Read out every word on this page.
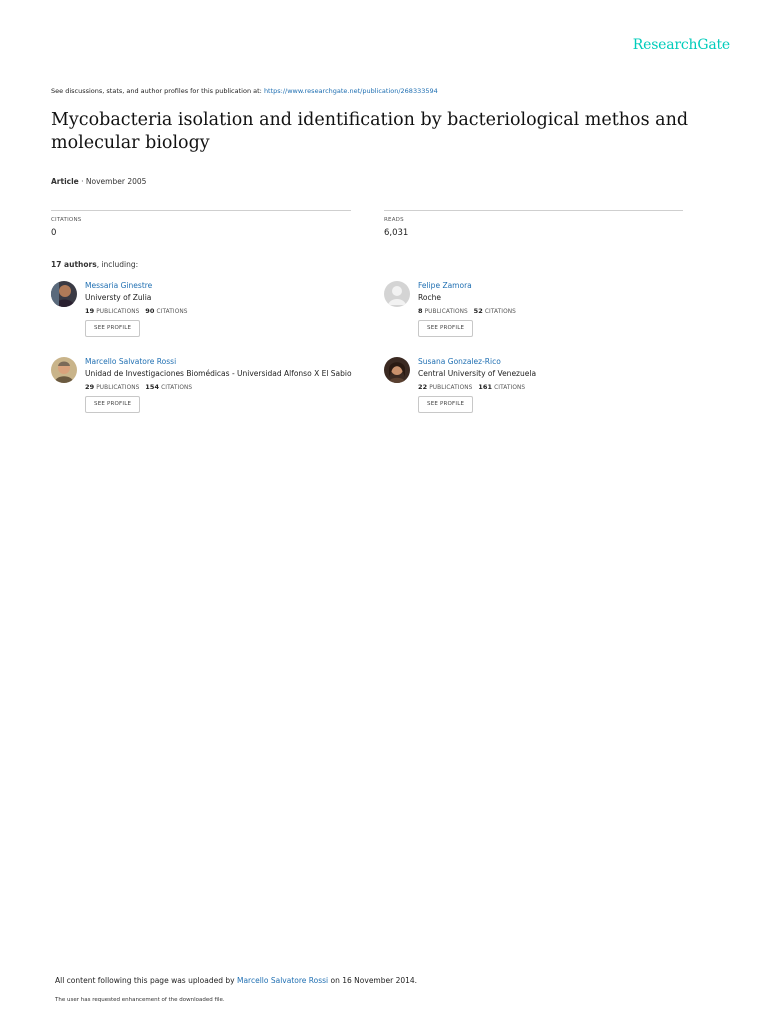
ResearchGate
See discussions, stats, and author profiles for this publication at: https://www.researchgate.net/publication/268333594
Mycobacteria isolation and identification by bacteriological methos and molecular biology
Article · November 2005
CITATIONS
0
READS
6,031
17 authors, including:
Messaria Ginestre
Universty of Zulia
19 PUBLICATIONS 90 CITATIONS
SEE PROFILE
Felipe Zamora
Roche
8 PUBLICATIONS 52 CITATIONS
SEE PROFILE
Marcello Salvatore Rossi
Unidad de Investigaciones Biomédicas - Universidad Alfonso X El Sabio
29 PUBLICATIONS 154 CITATIONS
SEE PROFILE
Susana Gonzalez-Rico
Central University of Venezuela
22 PUBLICATIONS 161 CITATIONS
SEE PROFILE
All content following this page was uploaded by Marcello Salvatore Rossi on 16 November 2014.
The user has requested enhancement of the downloaded file.
